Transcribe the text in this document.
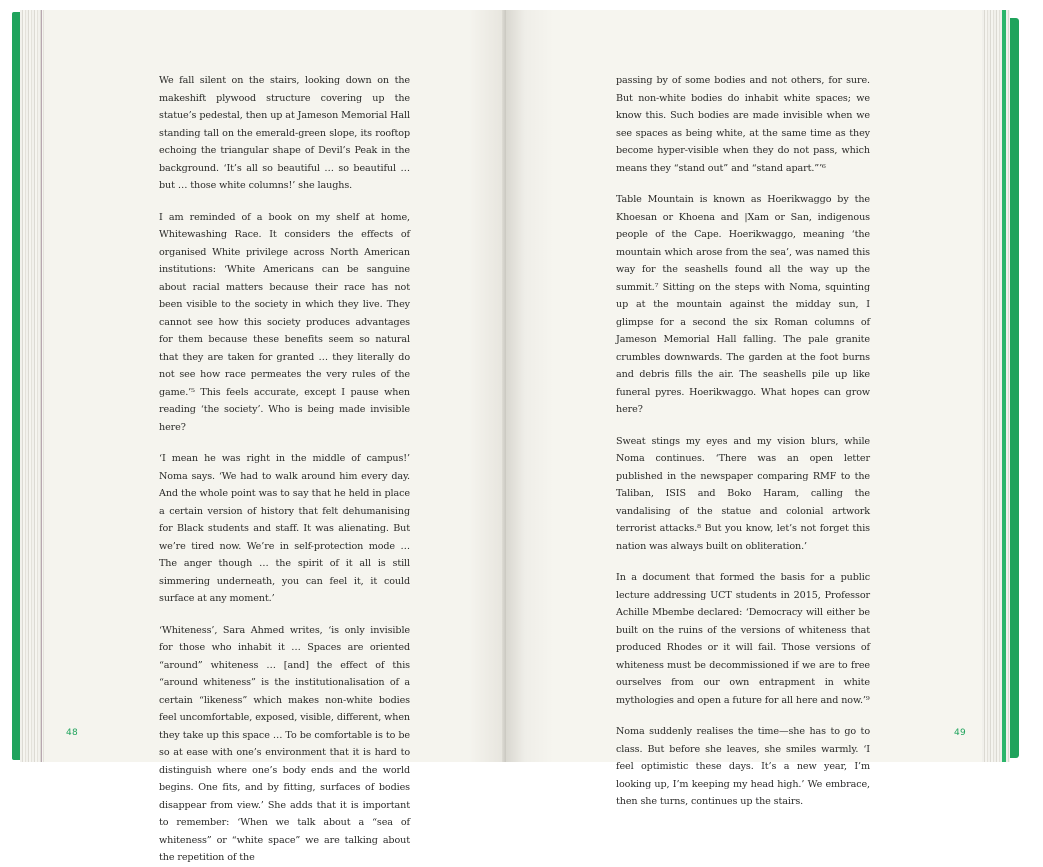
We fall silent on the stairs, looking down on the makeshift plywood structure covering up the statue’s pedestal, then up at Jameson Memorial Hall standing tall on the emerald-green slope, its rooftop echoing the triangular shape of Devil’s Peak in the background. ‘It’s all so beautiful … so beautiful … but … those white columns!’ she laughs.

I am reminded of a book on my shelf at home, Whitewashing Race. It considers the effects of organised White privilege across North American institutions: ‘White Americans can be sanguine about racial matters because their race has not been visible to the society in which they live. They cannot see how this society produces advantages for them because these benefits seem so natural that they are taken for granted … they literally do not see how race permeates the very rules of the game.’⁵ This feels accurate, except I pause when reading ‘the society’. Who is being made invisible here?

‘I mean he was right in the middle of campus!’ Noma says. ‘We had to walk around him every day. And the whole point was to say that he held in place a certain version of history that felt dehumanising for Black students and staff. It was alienating. But we’re tired now. We’re in self-protection mode … The anger though … the spirit of it all is still simmering underneath, you can feel it, it could surface at any moment.’

‘Whiteness’, Sara Ahmed writes, ‘is only invisible for those who inhabit it … Spaces are oriented “around” whiteness … [and] the effect of this “around whiteness” is the institutionalisation of a certain “likeness” which makes non-white bodies feel uncomfortable, exposed, visible, different, when they take up this space … To be comfortable is to be so at ease with one’s environment that it is hard to distinguish where one’s body ends and the world begins. One fits, and by fitting, surfaces of bodies disappear from view.’ She adds that it is important to remember: ‘When we talk about a “sea of whiteness” or “white space” we are talking about the repetition of the

48

passing by of some bodies and not others, for sure. But non-white bodies do inhabit white spaces; we know this. Such bodies are made invisible when we see spaces as being white, at the same time as they become hyper-visible when they do not pass, which means they “stand out” and “stand apart.”’⁶

Table Mountain is known as Hoerikwaggo by the Khoesan or Khoena and |Xam or San, indigenous people of the Cape. Hoerikwaggo, meaning ‘the mountain which arose from the sea’, was named this way for the seashells found all the way up the summit.⁷ Sitting on the steps with Noma, squinting up at the mountain against the midday sun, I glimpse for a second the six Roman columns of Jameson Memorial Hall falling. The pale granite crumbles downwards. The garden at the foot burns and debris fills the air. The seashells pile up like funeral pyres. Hoerikwaggo. What hopes can grow here?

Sweat stings my eyes and my vision blurs, while Noma continues. ‘There was an open letter published in the newspaper comparing RMF to the Taliban, ISIS and Boko Haram, calling the vandalising of the statue and colonial artwork terrorist attacks.⁸ But you know, let’s not forget this nation was always built on obliteration.’

In a document that formed the basis for a public lecture addressing UCT students in 2015, Professor Achille Mbembe declared: ‘Democracy will either be built on the ruins of the versions of whiteness that produced Rhodes or it will fail. Those versions of whiteness must be decommissioned if we are to free ourselves from our own entrapment in white mythologies and open a future for all here and now.’⁹

Noma suddenly realises the time—she has to go to class. But before she leaves, she smiles warmly. ‘I feel optimistic these days. It’s a new year, I’m looking up, I’m keeping my head high.’ We embrace, then she turns, continues up the stairs.

49
